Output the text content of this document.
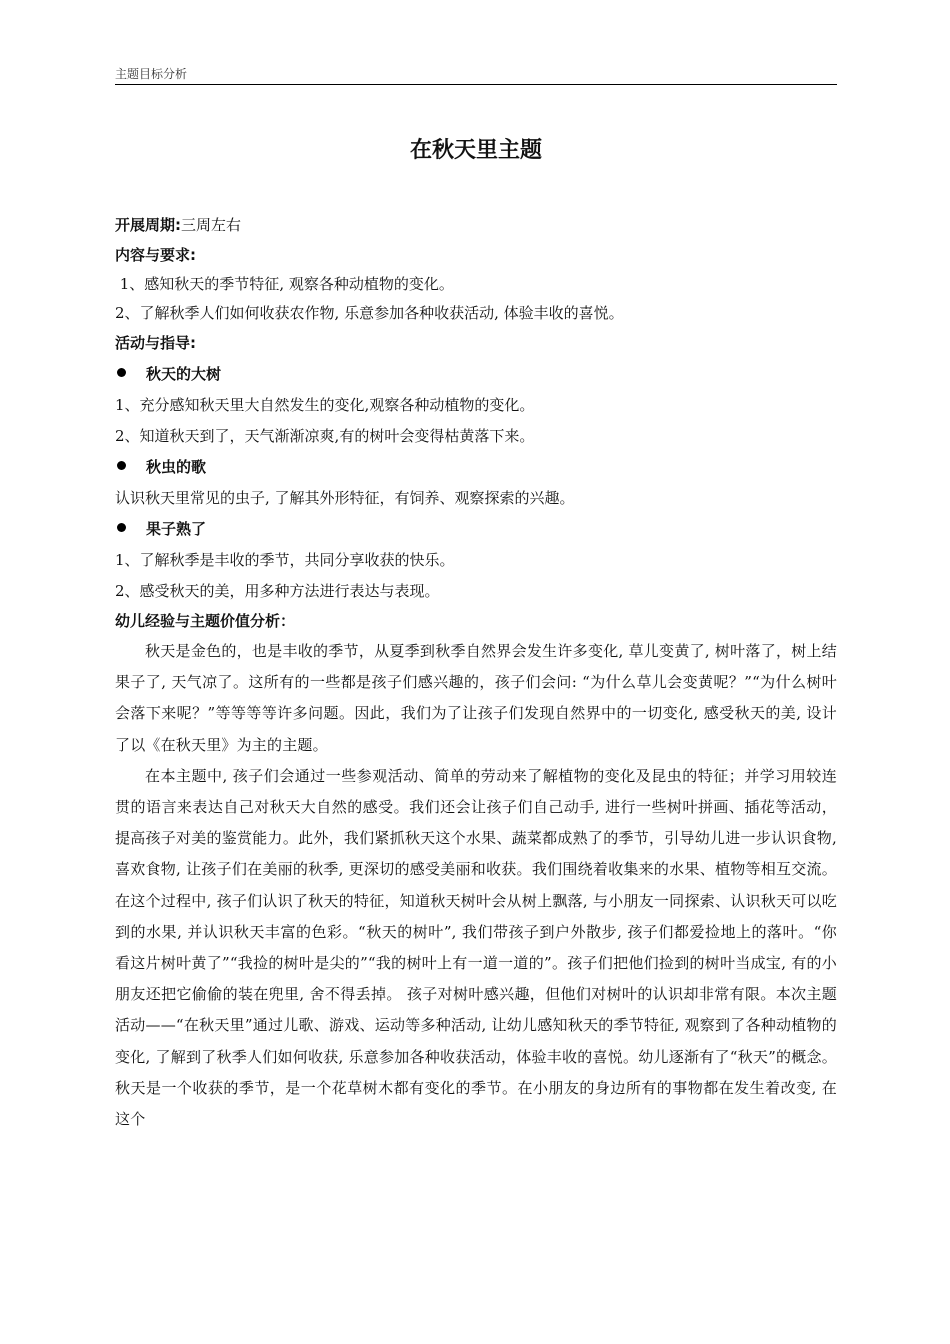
主题目标分析
在秋天里主题
开展周期:三周左右
内容与要求:
1、感知秋天的季节特征, 观察各种动植物的变化。
2、了解秋季人们如何收获农作物, 乐意参加各种收获活动, 体验丰收的喜悦。
活动与指导:
秋天的大树
1、充分感知秋天里大自然发生的变化,观察各种动植物的变化。
2、知道秋天到了，天气渐渐凉爽,有的树叶会变得枯黄落下来。
秋虫的歌
认识秋天里常见的虫子, 了解其外形特征，有饲养、观察探索的兴趣。
果子熟了
1、了解秋季是丰收的季节，共同分享收获的快乐。
2、感受秋天的美，用多种方法进行表达与表现。
幼儿经验与主题价值分析：

秋天是金色的，也是丰收的季节，从夏季到秋季自然界会发生许多变化, 草儿变黄了, 树叶落了，树上结果子了, 天气凉了。这所有的一些都是孩子们感兴趣的，孩子们会问: “为什么草儿会变黄呢？”“为什么树叶会落下来呢？”等等等等许多问题。因此，我们为了让孩子们发现自然界中的一切变化, 感受秋天的美, 设计了以《在秋天里》为主的主题。

在本主题中, 孩子们会通过一些参观活动、简单的劳动来了解植物的变化及昆虫的特征；并学习用较连贯的语言来表达自己对秋天大自然的感受。我们还会让孩子们自己动手, 进行一些树叶拼画、插花等活动，提高孩子对美的鉴赏能力。此外，我们紧抓秋天这个水果、蔬菜都成熟了的季节，引导幼儿进一步认识食物, 喜欢食物, 让孩子们在美丽的秋季, 更深切的感受美丽和收获。我们围绕着收集来的水果、植物等相互交流。在这个过程中, 孩子们认识了秋天的特征，知道秋天树叶会从树上飘落, 与小朋友一同探索、认识秋天可以吃到的水果, 并认识秋天丰富的色彩。“秋天的树叶”, 我们带孩子到户外散步, 孩子们都爱捡地上的落叶。“你看这片树叶黄了”“我捡的树叶是尖的”“我的树叶上有一道一道的”。孩子们把他们捡到的树叶当成宝, 有的小朋友还把它偷偷的装在兜里, 舍不得丢掉。 孩子对树叶感兴趣，但他们对树叶的认识却非常有限。本次主题活动——“在秋天里”通过儿歌、游戏、运动等多种活动, 让幼儿感知秋天的季节特征, 观察到了各种动植物的变化, 了解到了秋季人们如何收获, 乐意参加各种收获活动，体验丰收的喜悦。幼儿逐渐有了“秋天”的概念。秋天是一个收获的季节，是一个花草树木都有变化的季节。在小朋友的身边所有的事物都在发生着改变, 在这个
